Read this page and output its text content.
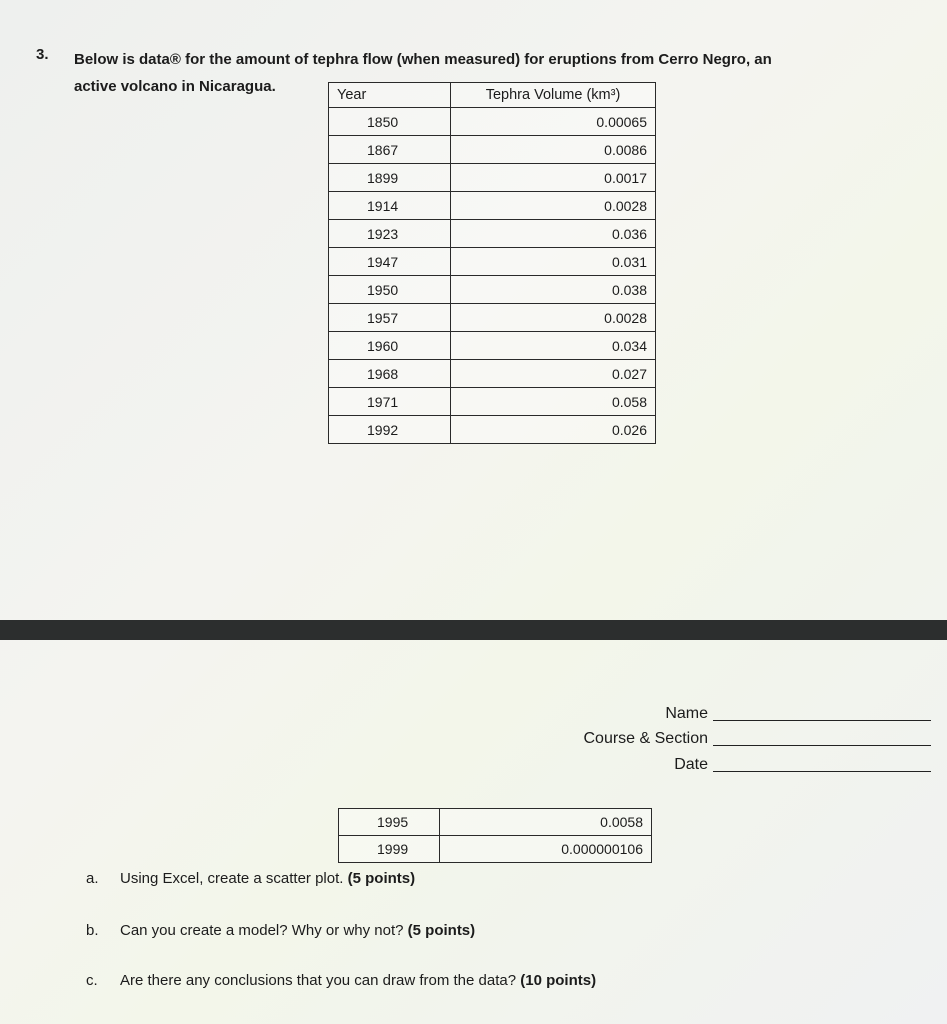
3. Below is data® for the amount of tephra flow (when measured) for eruptions from Cerro Negro, an
active volcano in Nicaragua.	Year	Tephra Volume (km³)
1850	0.00065
1867	0.0086
1899	0.0017
1914	0.0028
1923	0.036
1947	0.031
1950	0.038
1957	0.0028
1960	0.034
1968	0.027
1971	0.058
1992	0.026
Name
Course & Section
Date
1995	0.0058
1999	0.000000106
a. Using Excel, create a scatter plot. (5 points)
b. Can you create a model? Why or why not? (5 points)
c. Are there any conclusions that you can draw from the data? (10 points)
